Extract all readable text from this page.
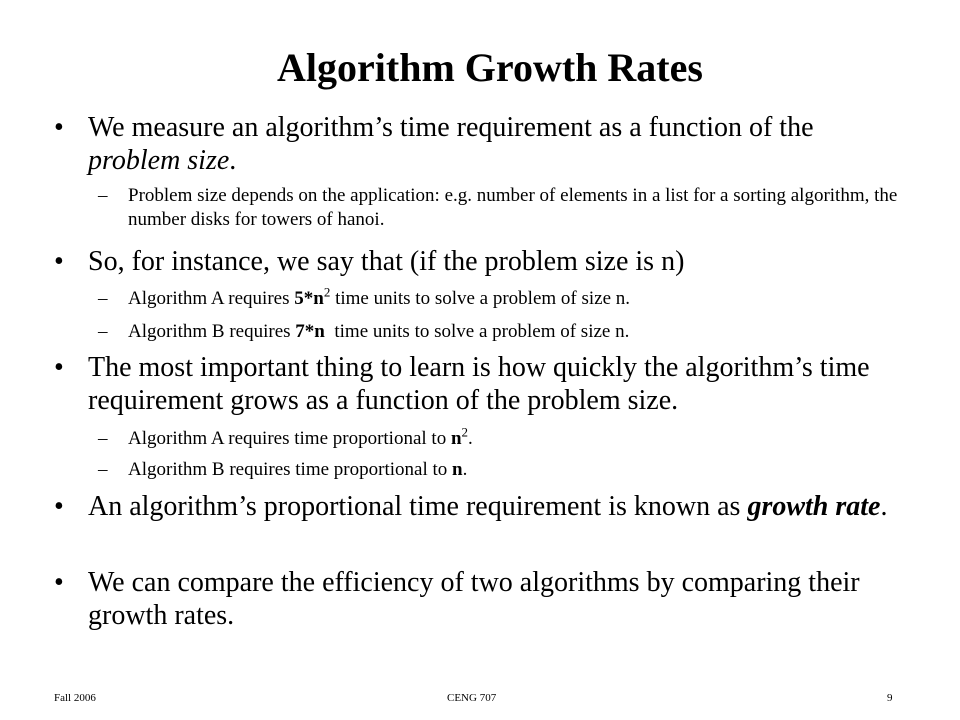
Algorithm Growth Rates
• We measure an algorithm’s time requirement as a function of the problem size.
– Problem size depends on the application: e.g. number of elements in a list for a sorting algorithm, the number disks for towers of hanoi.
• So, for instance, we say that (if the problem size is n)
– Algorithm A requires $5*n^2$ time units to solve a problem of size n.
– Algorithm B requires 7*n  time units to solve a problem of size n.
• The most important thing to learn is how quickly the algorithm’s time requirement grows as a function of the problem size.
– Algorithm A requires time proportional to $n^2$.
– Algorithm B requires time proportional to n.
• An algorithm’s proportional time requirement is known as growth rate.
• We can compare the efficiency of two algorithms by comparing their growth rates.
Fall 2006	CENG 707	9
